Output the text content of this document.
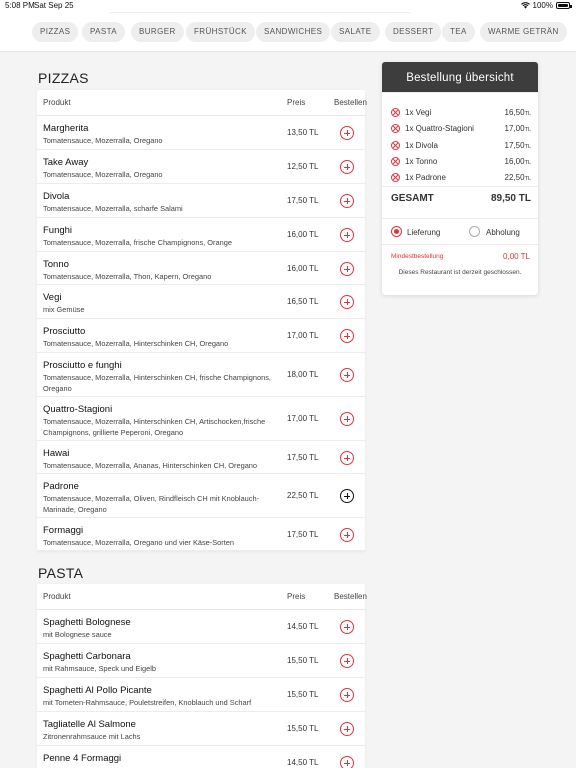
5:08 PM Sat Sep 25	100%
PIZZAS	PASTA	BURGER	FRÜHSTÜCK	SANDWICHES	SALATE	DESSERT	TEA	WARME GETRÄN
PIZZAS
Produkt	Preis	Bestellen
Margherita
Tomatensauce, Mozerralla, Oregano
13,50 TL
Take Away
Tomatensauce, Mozerralla, Oregano
12,50 TL
Divola
Tomatensauce, Mozerralla, scharfe Salami
17,50 TL
Funghi
Tomatensauce, Mozerralla, frische Champignons, Orange
16,00 TL
Tonno
Tomatensauce, Mozerralla, Thon, Kapern, Oregano
16,00 TL
Vegi
mix Gemüse
16,50 TL
Prosciutto
Tomatensauce, Mozerralla, Hinterschinken CH, Oregano
17,00 TL
Prosciutto e funghi
Tomatensauce, Mozerralla, Hinterschinken CH, frische Champignons, Oregano
18,00 TL
Quattro-Stagioni
Tomatensauce, Mozerralla, Hinterschinken CH, Artischocken,frische Champignons, grillierte Peperoni, Oregano
17,00 TL
Hawai
Tomatensauce, Mozerralla, Ananas, Hinterschinken CH, Oregano
17,50 TL
Padrone
Tomatensauce, Mozerralla, Oliven, Rindfleisch CH mit Knoblauch-Marinade, Oregano
22,50 TL
Formaggi
Tomatensauce, Mozerralla, Oregano und vier Käse-Sorten
17,50 TL
PASTA
Produkt	Preis	Bestellen
Spaghetti Bolognese
mit Bolognese sauce
14,50 TL
Spaghetti Carbonara
mit Rahmsauce, Speck und Eigelb
15,50 TL
Spaghetti Al Pollo Picante
mit Tometen-Rahmsauce, Pouletstreifen, Knoblauch und Scharf
15,50 TL
Tagliatelle Al Salmone
Zitronenrahmsauce mit Lachs
15,50 TL
Penne 4 Formaggi	14,50 TL
Bestellung übersicht
1x Vegi	16,50TL
1x Quattro-Stagioni	17,00TL
1x Divola	17,50TL
1x Tonno	16,00TL
1x Padrone	22,50TL
GESAMT	89,50 TL
Lieferung	Abholung
Mindestbestellung	0,00 TL
Dieses Restaurant ist derzeit geschlossen.
